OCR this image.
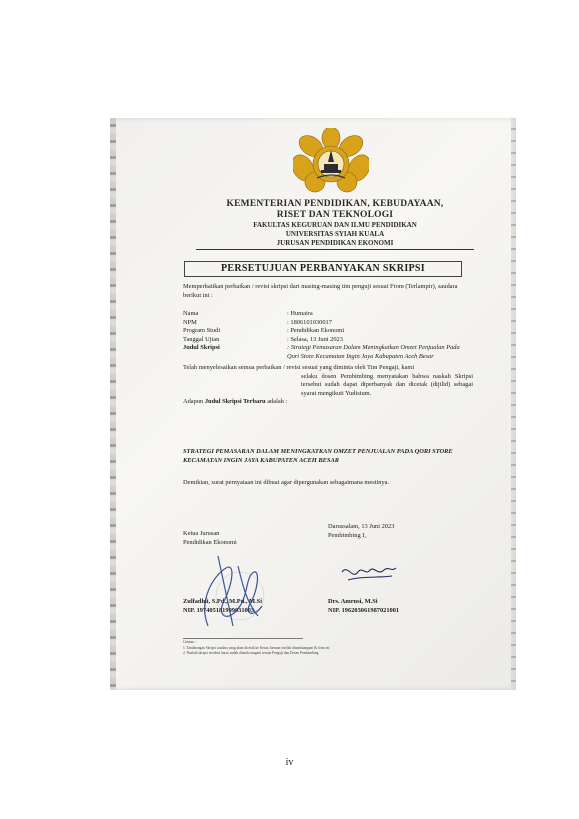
KEMENTERIAN PENDIDIKAN, KEBUDAYAAN,
RISET DAN TEKNOLOGI
FAKULTAS KEGURUAN DAN ILMU PENDIDIKAN
UNIVERSITAS SYIAH KUALA
JURUSAN PENDIDIKAN EKONOMI
PERSETUJUAN PERBANYAKAN SKRIPSI
Memperhatikan perbaikan / revisi skripsi dari masing-masing tim penguji sesuai From (Terlampir), saudara berikut ini :
Nama	: Humaira
NPM	: 1806101030017
Program Studi	: Pendidikan Ekonomi
Tanggal Ujian	: Selasa, 13 Juni 2023
Judul Skripsi	: Strategi Pemasaran Dalam Meningkatkan Omzet Penjualan Pada Qori Store Kecamatan Ingin Jaya Kabupaten Aceh Besar
Telah menyelesaikan semua perbaikan / revisi sesuai yang diminta oleh Tim Pengaji, kami
selaku dosen Pembimbing menyatakan bahwa naskah Skripsi tersebut sudah dapat diperbanyak dan dicetak (dijilid) sebagai syarat mengikuti Yudisium.
Adapun Judul Skripsi Terbaru adalah :
STRATEGI PEMASARAN DALAM MENINGKATKAN OMZET PENJUALAN PADA QORI STORE KECAMATAN INGIN JAYA KABUPATEN ACEH BESAR
Demikian, surat pernyataan ini dibuat agar dipergunakan sebagaimana mestinya.
Darussalam, 13 Juni 2023
Pembimbing I,
Drs. Amrusi, M.Si
NIP. 196203061987021001
Ketua Jurusan
Pendidikan Ekonomi
Zulfadhli, S.Pd., M.Pd., M.Si
NIP. 197405181999031003
Catatan :
1. Tandatangan Skripsi saudara yang akan dicetak ke Ketua Jurusan setelah ditandatangani & form ini
2. Naskah skripsi tersebut harus sudah ditanda tangani semua Penguji dan Dosen Pembimbing
iv
